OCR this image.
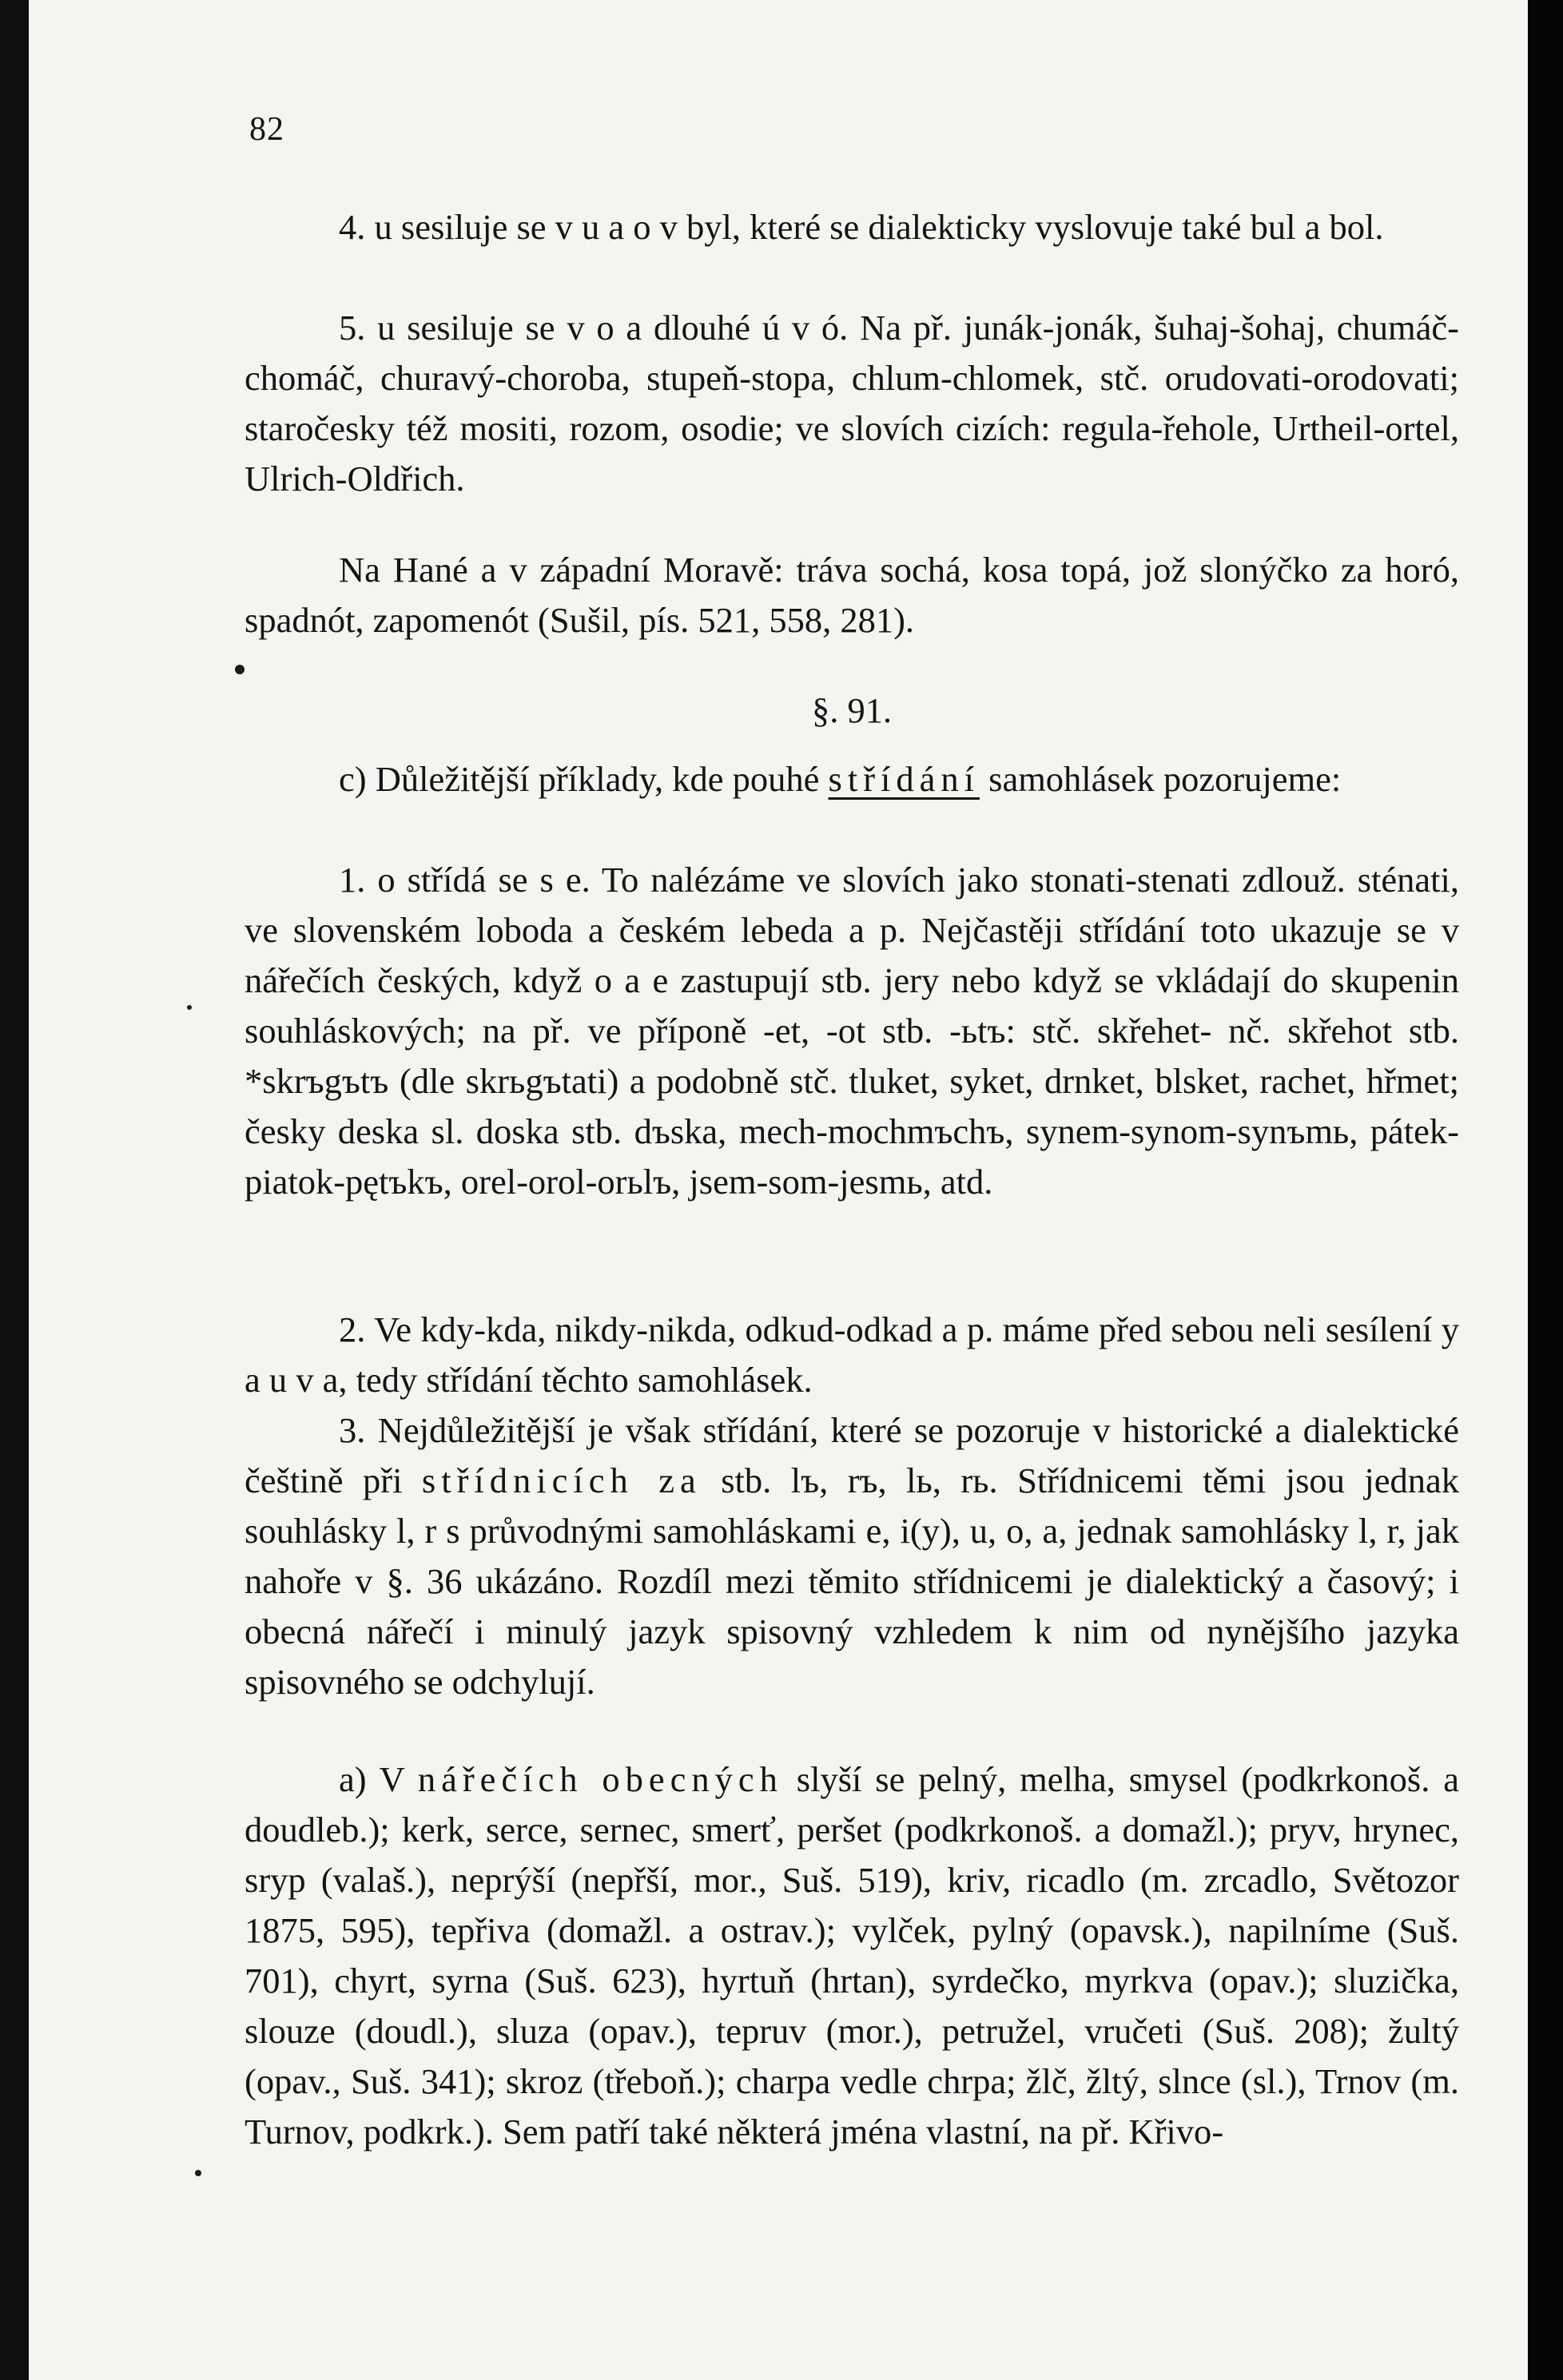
82

4. u sesiluje se v u a o v byl, které se dialekticky vyslovuje také bul a bol.

5. u sesiluje se v o a dlouhé ú v ó. Na př. junák-jonák, šuhaj-šohaj, chumáč-chomáč, churavý-choroba, stupeň-stopa, chlum-chlomek, stč. orudovati-orodovati; staročesky též mositi, rozom, osodie; ve slovích cizích: regula-řehole, Urtheil-ortel, Ulrich-Oldřich.

Na Hané a v západní Moravě: tráva sochá, kosa topá, jož slonýčko za horó, spadnót, zapomenót (Sušil, pís. 521, 558, 281).

§. 91.

c) Důležitější příklady, kde pouhé střídání samohlásek pozorujeme:

1. o střídá se s e. To nalézáme ve slovích jako stonati-stenati zdlouž. sténati, ve slovenském loboda a českém lebeda a p. Nejčastěji střídání toto ukazuje se v nářečích českých, když o a e zastupují stb. jery nebo když se vkládají do skupenin souhláskových; na př. ve příponě -et, -ot stb. -ьtъ: stč. skřehet- nč. skřehot stb. *skrъgъtъ (dle skrьgъtati) a podobně stč. tluket, syket, drnket, blsket, rachet, hřmet; česky deska sl. doska stb. dъska, mech-mochmъchъ, synem-synom-synъmь, pátek-piatok-pętъkъ, orel-orol-orьlъ, jsem-som-jesmь, atd.

2. Ve kdy-kda, nikdy-nikda, odkud-odkad a p. máme před sebou neli sesílení y a u v a, tedy střídání těchto samohlásek.

3. Nejdůležitější je však střídání, které se pozoruje v historické a dialektické češtině při střídnicích za stb. lъ, rъ, lь, rь. Střídnicemi těmi jsou jednak souhlásky l, r s průvodnými samohláskami e, i(y), u, o, a, jednak samohlásky l, r, jak nahoře v §. 36 ukázáno. Rozdíl mezi těmito střídnicemi je dialektický a časový; i obecná nářečí i minulý jazyk spisovný vzhledem k nim od nynějšího jazyka spisovného se odchylují.

a) V nářečích obecných slyší se pelný, melha, smysel (podkrkonoš. a doudleb.); kerk, serce, sernec, smerť, peršet (podkrkonoš. a domažl.); pryv, hrynec, sryp (valaš.), neprýší (nepřší, mor., Suš. 519), kriv, ricadlo (m. zrcadlo, Světozor 1875, 595), tepřiva (domažl. a ostrav.); vylček, pylný (opavsk.), napilníme (Suš. 701), chyrt, syrna (Suš. 623), hyrtuň (hrtan), syrdečko, myrkva (opav.); sluzička, slouze (doudl.), sluza (opav.), tepruv (mor.), petružel, vručeti (Suš. 208); žultý (opav., Suš. 341); skroz (třeboň.); charpa vedle chrpa; žlč, žltý, slnce (sl.), Trnov (m. Turnov, podkrk.). Sem patří také některá jména vlastní, na př. Křivo-
